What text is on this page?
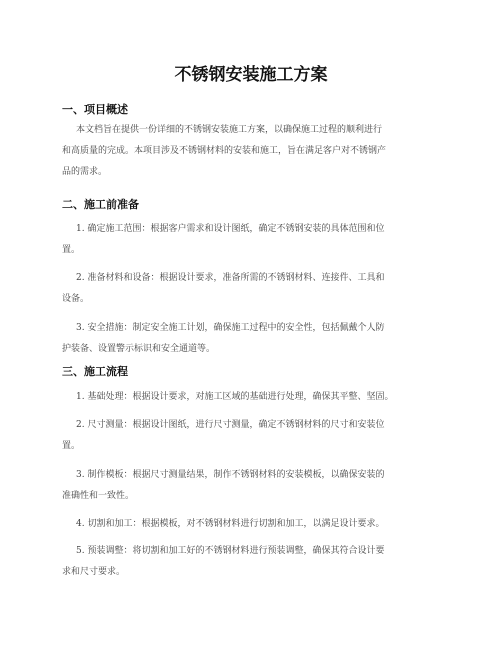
不锈钢安装施工方案
一、项目概述

本文档旨在提供一份详细的不锈钢安装施工方案，以确保施工过程的顺利进行
和高质量的完成。本项目涉及不锈钢材料的安装和施工，旨在满足客户对不锈钢产
品的需求。

二、施工前准备

1. 确定施工范围：根据客户需求和设计图纸，确定不锈钢安装的具体范围和位
置。

2. 准备材料和设备：根据设计要求，准备所需的不锈钢材料、连接件、工具和
设备。

3. 安全措施：制定安全施工计划，确保施工过程中的安全性，包括佩戴个人防
护装备、设置警示标识和安全通道等。

三、施工流程

1. 基础处理：根据设计要求，对施工区域的基础进行处理，确保其平整、坚固。

2. 尺寸测量：根据设计图纸，进行尺寸测量，确定不锈钢材料的尺寸和安装位
置。

3. 制作模板：根据尺寸测量结果，制作不锈钢材料的安装模板，以确保安装的
准确性和一致性。

4. 切割和加工：根据模板，对不锈钢材料进行切割和加工，以满足设计要求。

5. 预装调整：将切割和加工好的不锈钢材料进行预装调整，确保其符合设计要
求和尺寸要求。
